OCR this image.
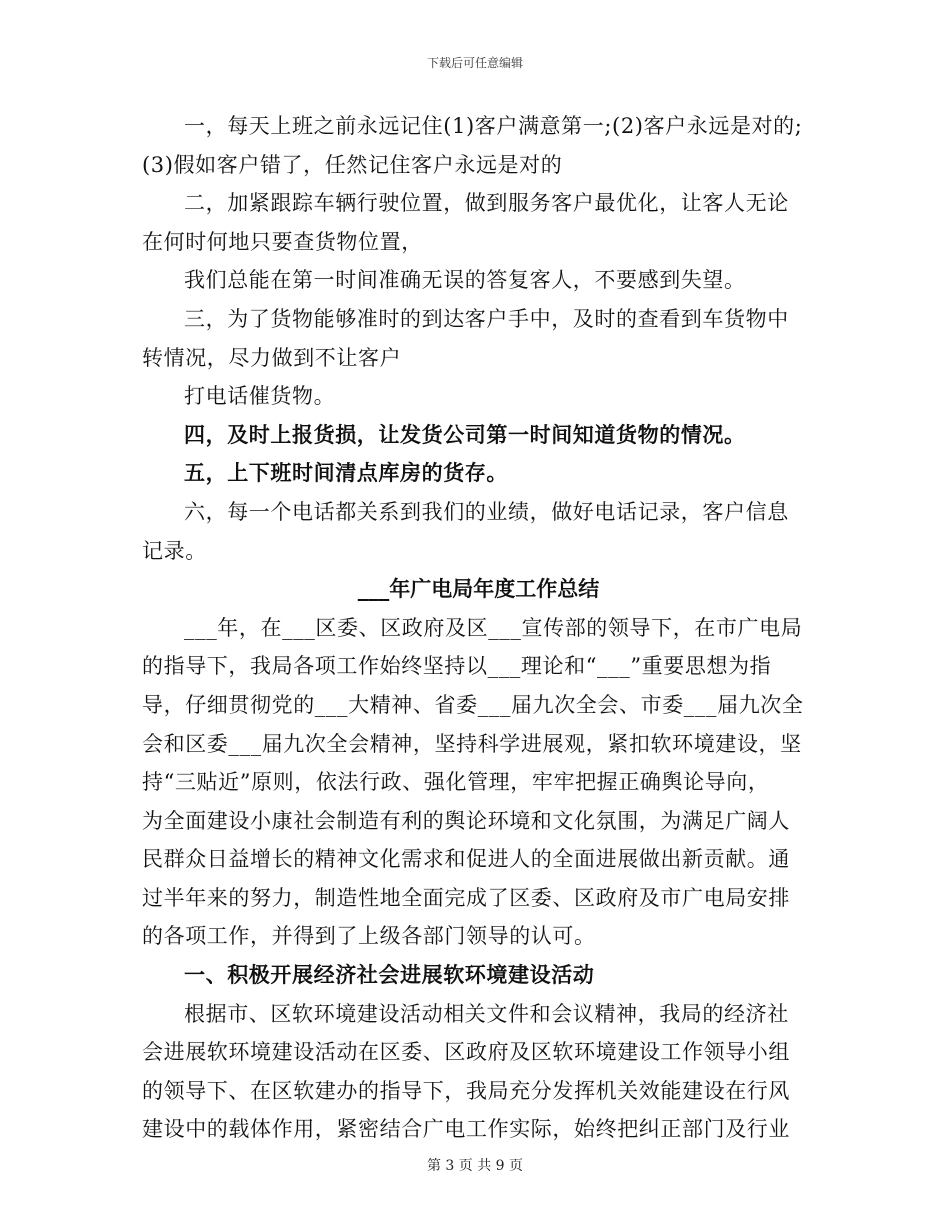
下载后可任意编辑
一，每天上班之前永远记住(1)客户满意第一;(2)客户永远是对的;
(3)假如客户错了，任然记住客户永远是对的
二，加紧跟踪车辆行驶位置，做到服务客户最优化，让客人无论
在何时何地只要查货物位置，
我们总能在第一时间准确无误的答复客人，不要感到失望。
三，为了货物能够准时的到达客户手中，及时的查看到车货物中
转情况，尽力做到不让客户
打电话催货物。
四，及时上报货损，让发货公司第一时间知道货物的情况。
五，上下班时间清点库房的货存。
六，每一个电话都关系到我们的业绩，做好电话记录，客户信息
记录。
___年广电局年度工作总结
___年，在___区委、区政府及区___宣传部的领导下，在市广电局
的指导下，我局各项工作始终坚持以___理论和“___”重要思想为指
导，仔细贯彻党的___大精神、省委___届九次全会、市委___届九次全
会和区委___届九次全会精神，坚持科学进展观，紧扣软环境建设，坚
持“三贴近”原则，依法行政、强化管理，牢牢把握正确舆论导向，
为全面建设小康社会制造有利的舆论环境和文化氛围，为满足广阔人
民群众日益增长的精神文化需求和促进人的全面进展做出新贡献。通
过半年来的努力，制造性地全面完成了区委、区政府及市广电局安排
的各项工作，并得到了上级各部门领导的认可。
一、积极开展经济社会进展软环境建设活动
根据市、区软环境建设活动相关文件和会议精神，我局的经济社
会进展软环境建设活动在区委、区政府及区软环境建设工作领导小组
的领导下、在区软建办的指导下，我局充分发挥机关效能建设在行风
建设中的载体作用，紧密结合广电工作实际，始终把纠正部门及行业
第 3 页 共 9 页
